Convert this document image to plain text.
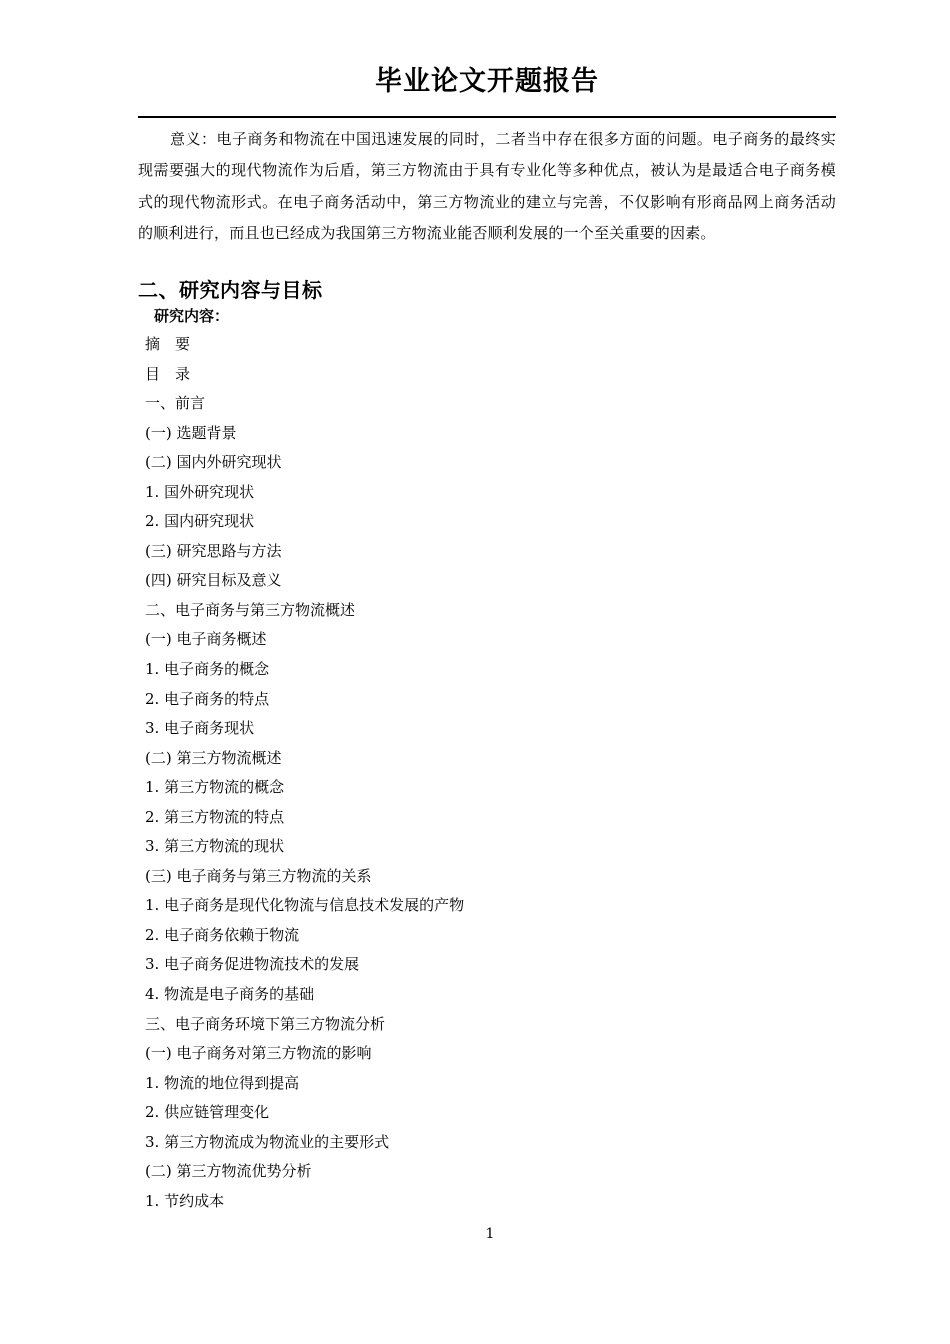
毕业论文开题报告

意义：电子商务和物流在中国迅速发展的同时，二者当中存在很多方面的问题。电子商务的最终实现需要强大的现代物流作为后盾，第三方物流由于具有专业化等多种优点，被认为是最适合电子商务模式的现代物流形式。在电子商务活动中，第三方物流业的建立与完善，不仅影响有形商品网上商务活动的顺利进行，而且也已经成为我国第三方物流业能否顺利发展的一个至关重要的因素。

二、研究内容与目标
研究内容：
摘　要
目　录
一、前言
(一) 选题背景
(二) 国内外研究现状
1. 国外研究现状
2. 国内研究现状
(三) 研究思路与方法
(四) 研究目标及意义
二、电子商务与第三方物流概述
(一) 电子商务概述
1. 电子商务的概念
2. 电子商务的特点
3. 电子商务现状
(二) 第三方物流概述
1. 第三方物流的概念
2. 第三方物流的特点
3. 第三方物流的现状
(三) 电子商务与第三方物流的关系
1. 电子商务是现代化物流与信息技术发展的产物
2. 电子商务依赖于物流
3. 电子商务促进物流技术的发展
4. 物流是电子商务的基础
三、电子商务环境下第三方物流分析
(一) 电子商务对第三方物流的影响
1. 物流的地位得到提高
2. 供应链管理变化
3. 第三方物流成为物流业的主要形式
(二) 第三方物流优势分析
1. 节约成本
1
